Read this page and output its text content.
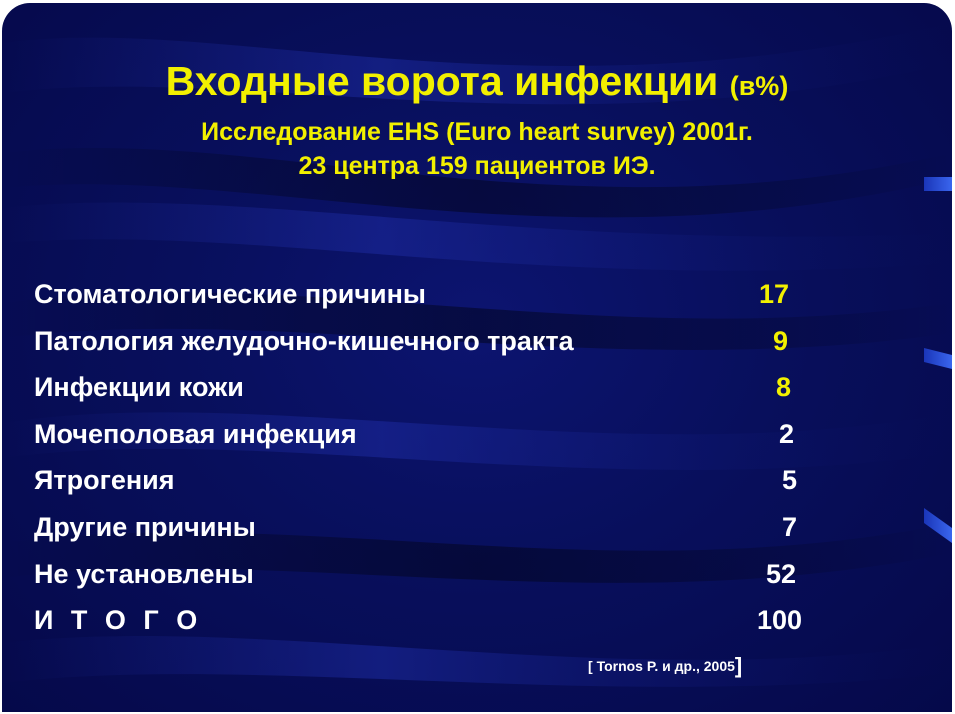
Входные ворота инфекции (в%)
Исследование EHS (Euro heart survey) 2001г.
23 центра 159 пациентов ИЭ.
Стоматологические причины	17
Патология желудочно-кишечного тракта	9
Инфекции кожи	8
Мочеполовая инфекция	2
Ятрогения	5
Другие причины	7
Не установлены	52
И Т О Г О	100
[ Tornos P. и др., 2005]
